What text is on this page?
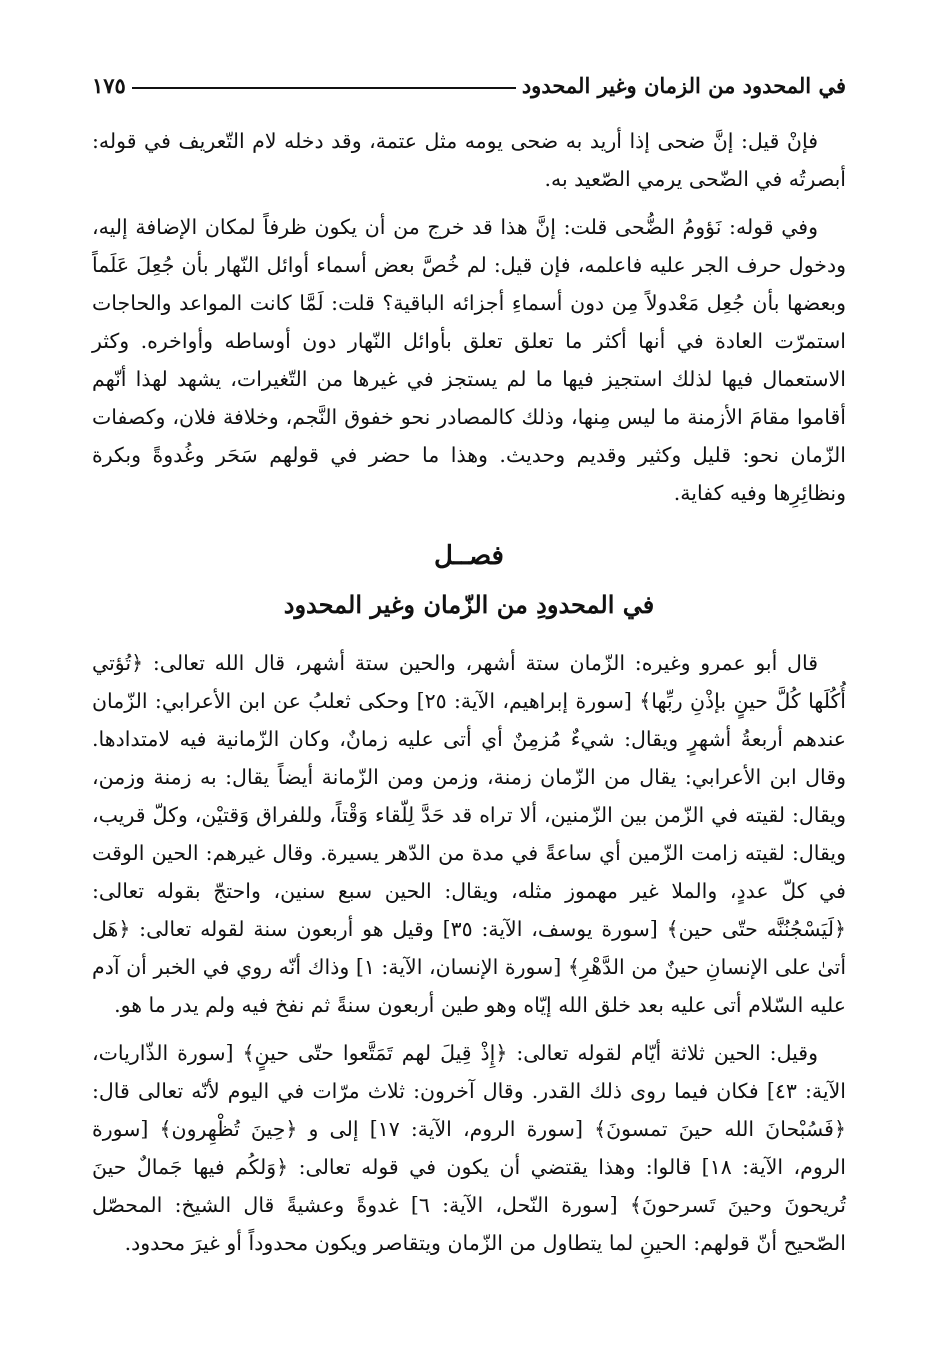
في المحدود من الزمان وغير المحدود
١٧٥

فإنْ قيل: إنَّ ضحى إذا أريد به ضحى يومه مثل عتمة، وقد دخله لام التّعريف في قوله: أبصرتُه في الضّحى يرمي الصّعيد به.

وفي قوله: نَؤومُ الضُّحى قلت: إنَّ هذا قد خرج من أن يكون ظرفاً لمكان الإضافة إليه، ودخول حرف الجر عليه فاعلمه، فإن قيل: لم خُصَّ بعض أسماء أوائل النّهار بأن جُعِلَ عَلَماً وبعضها بأن جُعِل مَعْدولاً مِن دون أسماءِ أجزائه الباقية؟ قلت: لَمَّا كانت المواعد والحاجات استمرّت العادة في أنها أكثر ما تعلق تعلق بأوائل النّهار دون أوساطه وأواخره. وكثر الاستعمال فيها لذلك استجيز فيها ما لم يستجز في غيرها من التّغيرات، يشهد لهذا أنّهم أقاموا مقامَ الأزمنة ما ليس مِنها، وذلك كالمصادر نحو خفوق النَّجم، وخلافة فلان، وكصفات الزّمان نحو: قليل وكثير وقديم وحديث. وهذا ما حضر في قولهم سَحَر وغُدوةً وبكرة ونظائِرِها وفيه كفاية.

فصــل
في المحدودِ من الزّمان وغير المحدود

قال أبو عمرو وغيره: الزّمان ستة أشهر، والحين ستة أشهر، قال الله تعالى: ﴿تُؤتي أُكُلَها كُلَّ حينٍ بإذْنِ ربِّها﴾ [سورة إبراهيم، الآية: ٢٥] وحكى ثعلبُ عن ابن الأعرابي: الزّمان عندهم أربعةُ أشهرٍ ويقال: شيءٌ مُزمِنٌ أي أتى عليه زمانٌ، وكان الزّمانية فيه لامتدادها. وقال ابن الأعرابي: يقال من الزّمان زمنة، وزمن ومن الزّمانة أيضاً يقال: به زمنة وزمن، ويقال: لقيته في الزّمن بين الزّمنين، ألا تراه قد حَدَّ لِلّقاء وَقْتاً، وللفراق وَقتيْن، وكلّ قريب، ويقال: لقيته زامت الزّمين أي ساعةً في مدة من الدّهر يسيرة. وقال غيرهم: الحين الوقت في كلّ عددٍ، والملا غير مهموز مثله، ويقال: الحين سبع سنين، واحتجّ بقوله تعالى: ﴿لَيَسْجُنُنَّه حتّى حين﴾ [سورة يوسف، الآية: ٣٥] وقيل هو أربعون سنة لقوله تعالى: ﴿هَل أتىٰ على الإنسانِ حينٌ من الدَّهْرِ﴾ [سورة الإنسان، الآية: ١] وذاك أنّه روي في الخبر أن آدم عليه السّلام أتى عليه بعد خلق الله إيّاه وهو طين أربعون سنةً ثم نفخ فيه ولم يدر ما هو.

وقيل: الحين ثلاثة أيّام لقوله تعالى: ﴿إِذْ قِيلَ لهم تَمَتَّعوا حتّى حينٍ﴾ [سورة الذّاريات، الآية: ٤٣] فكان فيما روى ذلك القدر. وقال آخرون: ثلاث مرّات في اليوم لأنّه تعالى قال: ﴿فَسُبْحانَ الله حينَ تمسونَ﴾ [سورة الروم، الآية: ١٧] إلى و ﴿حِينَ تُظْهِرون﴾ [سورة الروم، الآية: ١٨] قالوا: وهذا يقتضي أن يكون في قوله تعالى: ﴿وَلكُم فيها جَمالٌ حينَ تُريحونَ وحينَ تَسرحونَ﴾ [سورة النّحل، الآية: ٦] غدوةً وعشيةً قال الشيخ: المحصّل الصّحيح أنّ قولهم: الحينِ لما يتطاول من الزّمان ويتقاصر ويكون محدوداً أو غيرَ محدود.
